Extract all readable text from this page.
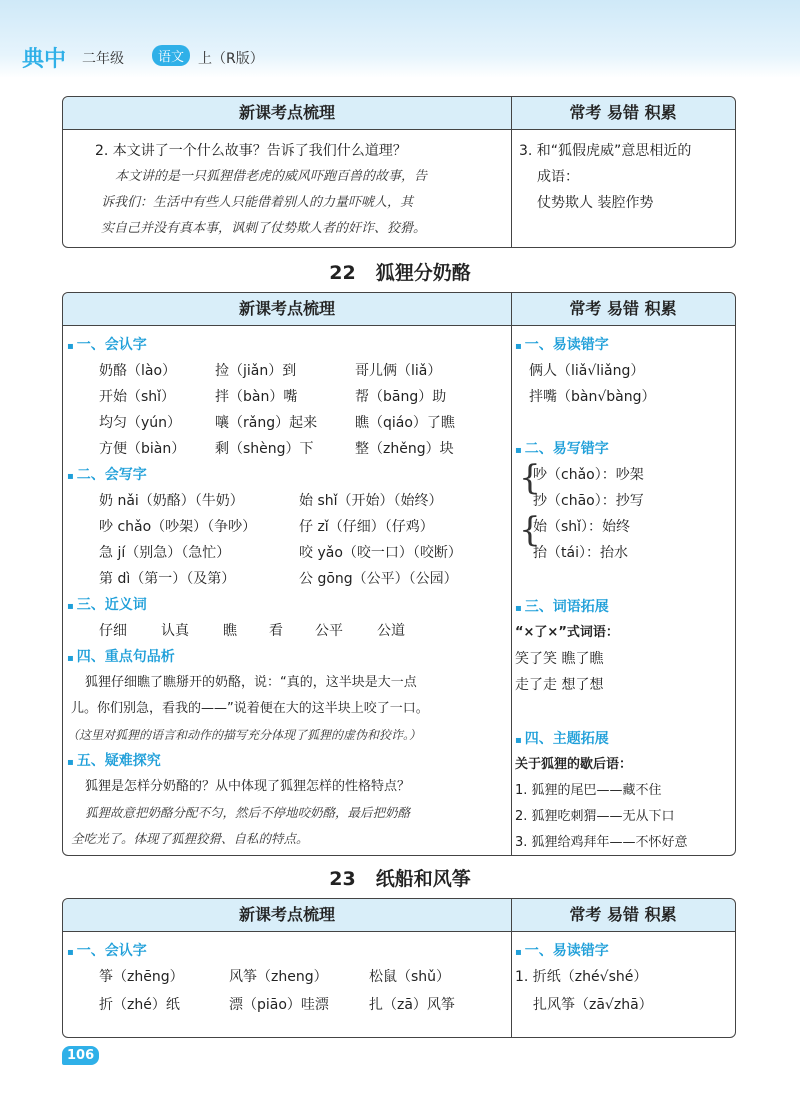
典中 二年级	语文 上（R版）
新课考点梳理	常考 易错 积累
2. 本文讲了一个什么故事？告诉了我们什么道理？
本文讲的是一只狐狸借老虎的威风吓跑百兽的故事，告
诉我们：生活中有些人只能借着别人的力量吓唬人，其
实自己并没有真本事，讽刺了仗势欺人者的奸诈、狡猾。
3. 和“狐假虎威”意思相近的
成语：
仗势欺人 装腔作势
22 狐狸分奶酪
新课考点梳理	常考 易错 积累
▪ 一、会认字
奶酪（lào）	捡（jiǎn）到	哥儿俩（liǎ）
开始（shǐ）	拌（bàn）嘴	帮（bāng）助
均匀（yún） 嚷（rǎng）起来	瞧（qiáo）了瞧
方便（biàn） 剩（shèng）下	整（zhěng）块
▪ 二、会写字
奶 nǎi（奶酪）（牛奶）	始 shǐ（开始）（始终）
吵 chǎo（吵架）（争吵）	仔 zǐ（仔细）（仔鸡）
急 jí（别急）（急忙）	咬 yǎo（咬一口）（咬断）
第 dì（第一）（及第）	公 gōng（公平）（公园）
▪ 三、近义词
仔细 认真 瞧 看 公平 公道
▪ 四、重点句品析
狐狸仔细瞧了瞧掰开的奶酪，说：“真的，这半块是大一点
儿。你们别急，看我的——”说着便在大的这半块上咬了一口。
（这里对狐狸的语言和动作的描写充分体现了狐狸的虚伪和狡诈。）
▪ 五、疑难探究
狐狸是怎样分奶酪的？从中体现了狐狸怎样的性格特点？
狐狸故意把奶酪分配不匀，然后不停地咬奶酪，最后把奶酪
全吃光了。体现了狐狸狡猾、自私的特点。
▪ 一、易读错字
俩人（liǎ√liǎng）
拌嘴（bàn√bàng）
▪ 二、易写错字
{
吵（chǎo）：吵架
抄（chāo）：抄写
{
始（shǐ）：始终
抬（tái）：抬水
▪ 三、词语拓展
“×了×”式词语：
笑了笑 瞧了瞧
走了走 想了想
▪ 四、主题拓展
关于狐狸的歇后语：
1. 狐狸的尾巴——藏不住
2. 狐狸吃刺猬——无从下口
3. 狐狸给鸡拜年——不怀好意
23 纸船和风筝
新课考点梳理	常考 易错 积累
▪ 一、会认字
筝（zhēng）	风筝（zheng）	松鼠（shǔ）
折（zhé）纸	漂（piāo）哇漂	扎（zā）风筝
▪ 一、易读错字
1. 折纸（zhé√shé）
扎风筝（zā√zhā）
106
